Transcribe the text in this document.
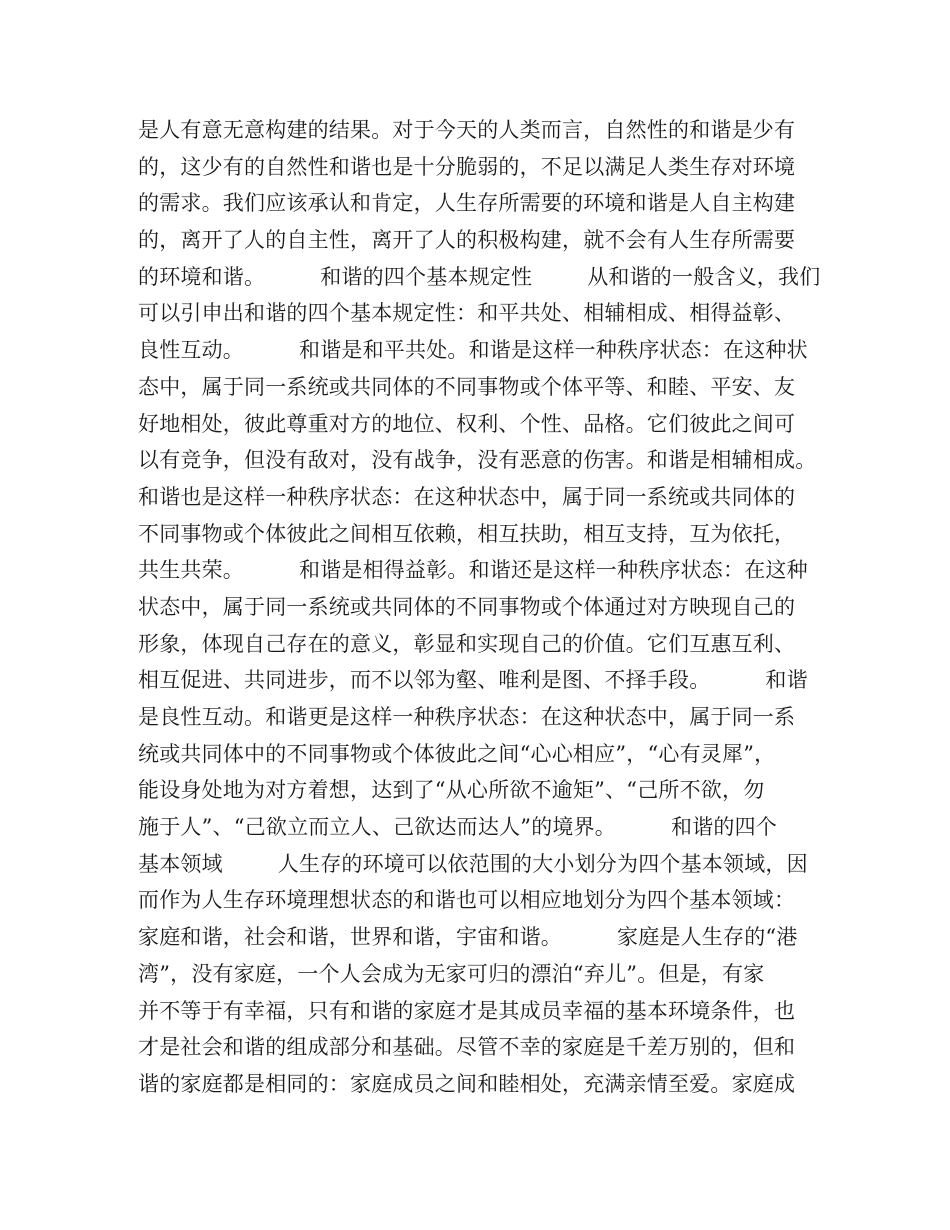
是人有意无意构建的结果。对于今天的人类而言，自然性的和谐是少有
的，这少有的自然性和谐也是十分脆弱的，不足以满足人类生存对环境
的需求。我们应该承认和肯定，人生存所需要的环境和谐是人自主构建
的，离开了人的自主性，离开了人的积极构建，就不会有人生存所需要
的环境和谐。        和谐的四个基本规定性        从和谐的一般含义，我们
可以引申出和谐的四个基本规定性：和平共处、相辅相成、相得益彰、
良性互动。        和谐是和平共处。和谐是这样一种秩序状态：在这种状
态中，属于同一系统或共同体的不同事物或个体平等、和睦、平安、友
好地相处，彼此尊重对方的地位、权利、个性、品格。它们彼此之间可
以有竞争，但没有敌对，没有战争，没有恶意的伤害。和谐是相辅相成。
和谐也是这样一种秩序状态：在这种状态中，属于同一系统或共同体的
不同事物或个体彼此之间相互依赖，相互扶助，相互支持，互为依托，
共生共荣。        和谐是相得益彰。和谐还是这样一种秩序状态：在这种
状态中，属于同一系统或共同体的不同事物或个体通过对方映现自己的
形象，体现自己存在的意义，彰显和实现自己的价值。它们互惠互利、
相互促进、共同进步，而不以邻为壑、唯利是图、不择手段。        和谐
是良性互动。和谐更是这样一种秩序状态：在这种状态中，属于同一系
统或共同体中的不同事物或个体彼此之间“心心相应”，“心有灵犀”，
能设身处地为对方着想，达到了“从心所欲不逾矩”、“己所不欲，勿
施于人”、“己欲立而立人、己欲达而达人”的境界。        和谐的四个
基本领域        人生存的环境可以依范围的大小划分为四个基本领域，因
而作为人生存环境理想状态的和谐也可以相应地划分为四个基本领域：
家庭和谐，社会和谐，世界和谐，宇宙和谐。        家庭是人生存的“港
湾”，没有家庭，一个人会成为无家可归的漂泊“弃儿”。但是，有家
并不等于有幸福，只有和谐的家庭才是其成员幸福的基本环境条件，也
才是社会和谐的组成部分和基础。尽管不幸的家庭是千差万别的，但和
谐的家庭都是相同的：家庭成员之间和睦相处，充满亲情至爱。家庭成
